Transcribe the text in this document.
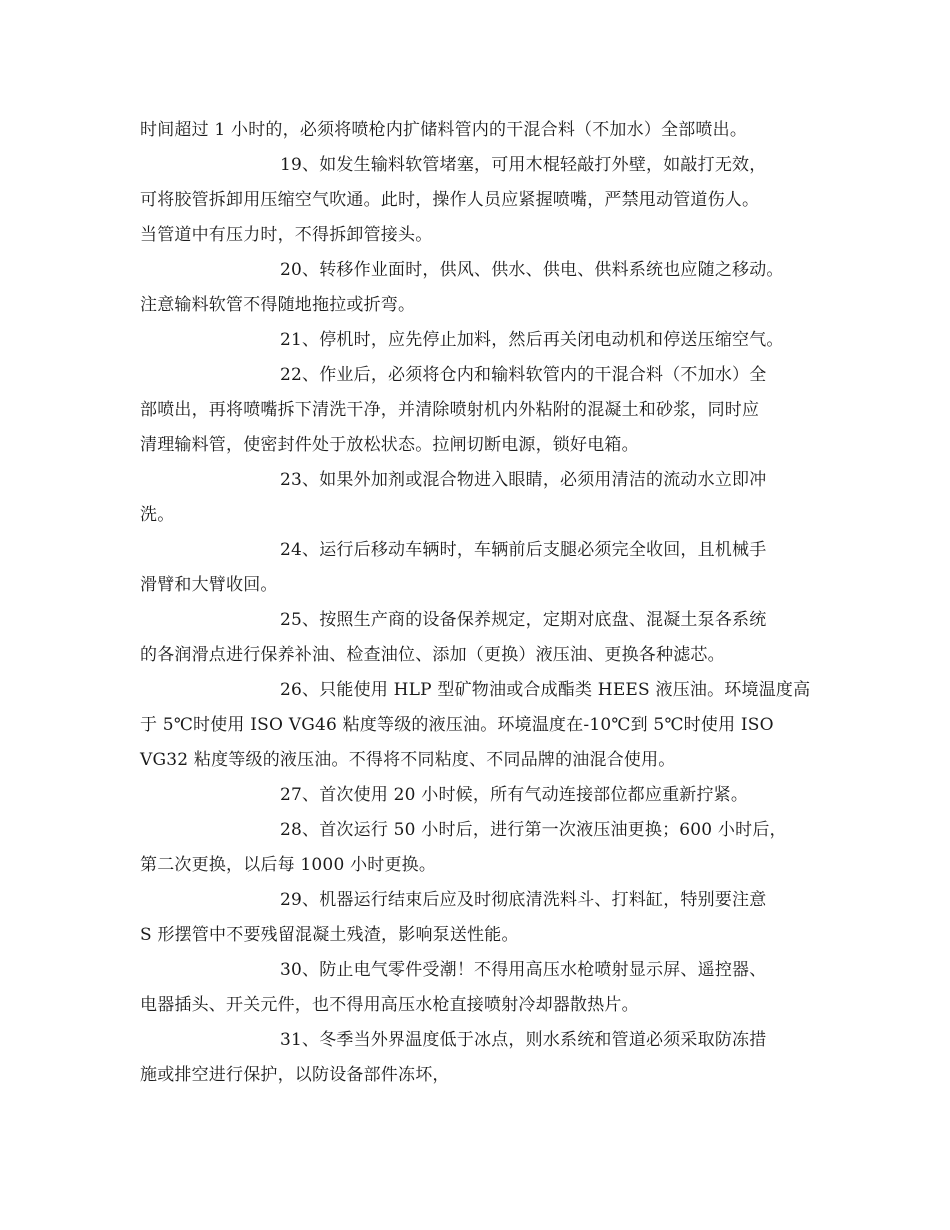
时间超过 1 小时的，必须将喷枪内扩储料管内的干混合料（不加水）全部喷出。
19、如发生输料软管堵塞，可用木棍轻敲打外壁，如敲打无效，
可将胶管拆卸用压缩空气吹通。此时，操作人员应紧握喷嘴，严禁甩动管道伤人。
当管道中有压力时，不得拆卸管接头。
20、转移作业面时，供风、供水、供电、供料系统也应随之移动。
注意输料软管不得随地拖拉或折弯。
21、停机时，应先停止加料，然后再关闭电动机和停送压缩空气。
22、作业后，必须将仓内和输料软管内的干混合料（不加水）全
部喷出，再将喷嘴拆下清洗干净，并清除喷射机内外粘附的混凝土和砂浆，同时应
清理输料管，使密封件处于放松状态。拉闸切断电源，锁好电箱。
23、如果外加剂或混合物进入眼睛，必须用清洁的流动水立即冲
洗。
24、运行后移动车辆时，车辆前后支腿必须完全收回，且机械手
滑臂和大臂收回。
25、按照生产商的设备保养规定，定期对底盘、混凝土泵各系统
的各润滑点进行保养补油、检查油位、添加（更换）液压油、更换各种滤芯。
26、只能使用 HLP 型矿物油或合成酯类 HEES 液压油。环境温度高
于 5℃时使用 ISO VG46 粘度等级的液压油。环境温度在-10℃到 5℃时使用 ISO
VG32 粘度等级的液压油。不得将不同粘度、不同品牌的油混合使用。
27、首次使用 20 小时候，所有气动连接部位都应重新拧紧。
28、首次运行 50 小时后，进行第一次液压油更换；600 小时后，
第二次更换，以后每 1000 小时更换。
29、机器运行结束后应及时彻底清洗料斗、打料缸，特别要注意
S 形摆管中不要残留混凝土残渣，影响泵送性能。
30、防止电气零件受潮！不得用高压水枪喷射显示屏、遥控器、
电器插头、开关元件，也不得用高压水枪直接喷射冷却器散热片。
31、冬季当外界温度低于冰点，则水系统和管道必须采取防冻措
施或排空进行保护，以防设备部件冻坏，
